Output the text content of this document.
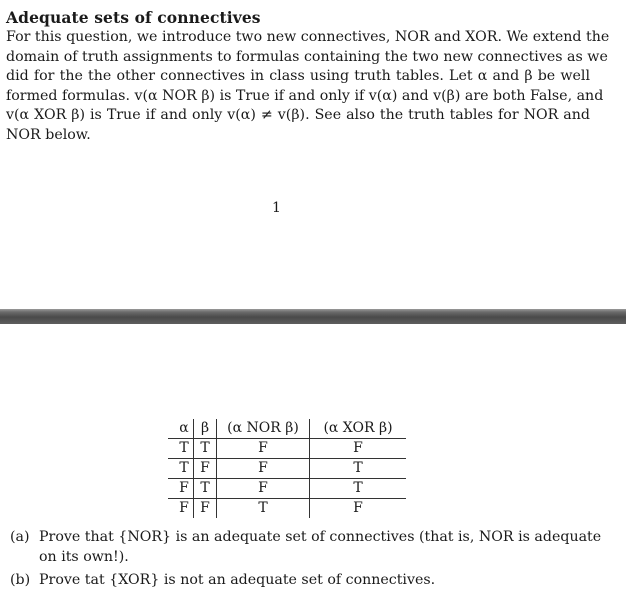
Adequate sets of connectives
For this question, we introduce two new connectives, NOR and XOR. We extend the
domain of truth assignments to formulas containing the two new connectives as we
did for the the other connectives in class using truth tables. Let α and β be well
formed formulas. v(α NOR β) is True if and only if v(α) and v(β) are both False, and
v(α XOR β) is True if and only v(α) ≠ v(β). See also the truth tables for NOR and
NOR below.
1
α	β	(α NOR β)	(α XOR β)
T	T	F	F
T	F	F	T
F	T	F	T
F	F	T	F
(a) Prove that {NOR} is an adequate set of connectives (that is, NOR is adequate
on its own!).
(b) Prove tat {XOR} is not an adequate set of connectives.
